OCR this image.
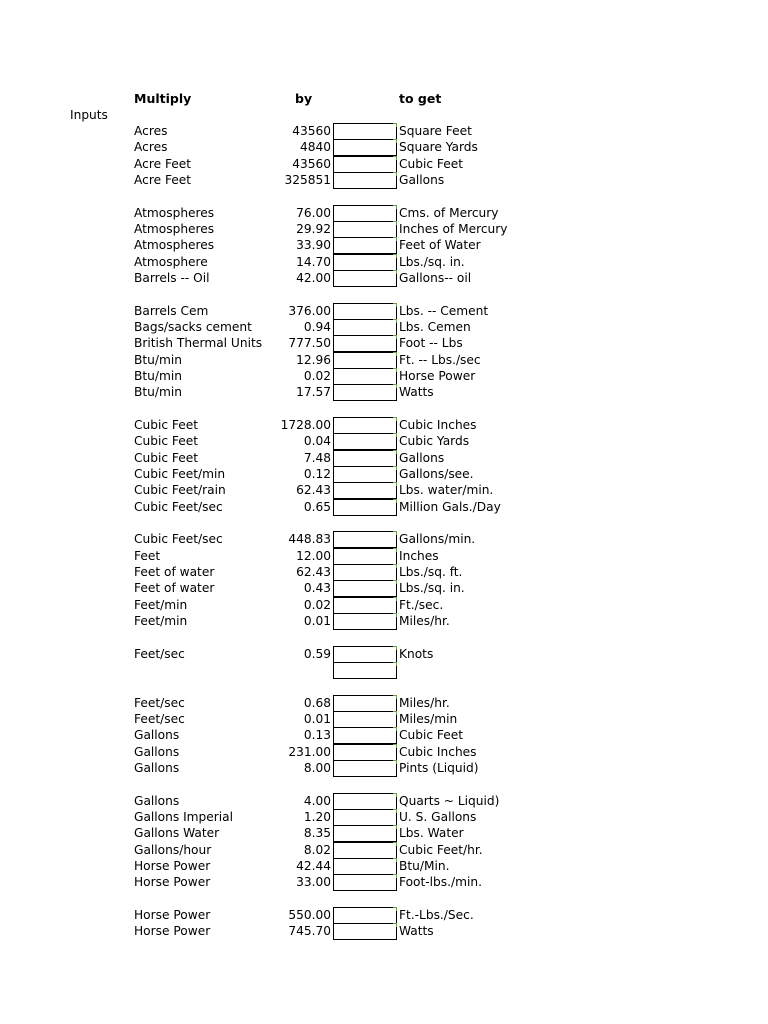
Multiply	by	to get
Inputs
Acres	43560	Square Feet
Acres	4840	Square Yards
Acre Feet	43560	Cubic Feet
Acre Feet	325851	Gallons
Atmospheres	76.00	Cms. of Mercury
Atmospheres	29.92	Inches of Mercury
Atmospheres	33.90	Feet of Water
Atmosphere	14.70	Lbs./sq. in.
Barrels -- Oil	42.00	Gallons-- oil
Barrels Cem	376.00	Lbs. -- Cement
Bags/sacks cement	0.94	Lbs. Cemen
British Thermal Units	777.50	Foot -- Lbs
Btu/min	12.96	Ft. -- Lbs./sec
Btu/min	0.02	Horse Power
Btu/min	17.57	Watts
Cubic Feet	1728.00	Cubic Inches
Cubic Feet	0.04	Cubic Yards
Cubic Feet	7.48	Gallons
Cubic Feet/min	0.12	Gallons/see.
Cubic Feet/rain	62.43	Lbs. water/min.
Cubic Feet/sec	0.65	Million Gals./Day
Cubic Feet/sec	448.83	Gallons/min.
Feet	12.00	Inches
Feet of water	62.43	Lbs./sq. ft.
Feet of water	0.43	Lbs./sq. in.
Feet/min	0.02	Ft./sec.
Feet/min	0.01	Miles/hr.
Feet/sec	0.59	Knots
Feet/sec	0.68	Miles/hr.
Feet/sec	0.01	Miles/min
Gallons	0.13	Cubic Feet
Gallons	231.00	Cubic Inches
Gallons	8.00	Pints (Liquid)
Gallons	4.00	Quarts ~ Liquid)
Gallons Imperial	1.20	U. S. Gallons
Gallons Water	8.35	Lbs. Water
Gallons/hour	8.02	Cubic Feet/hr.
Horse Power	42.44	Btu/Min.
Horse Power	33.00	Foot-lbs./min.
Horse Power	550.00	Ft.-Lbs./Sec.
Horse Power	745.70	Watts
